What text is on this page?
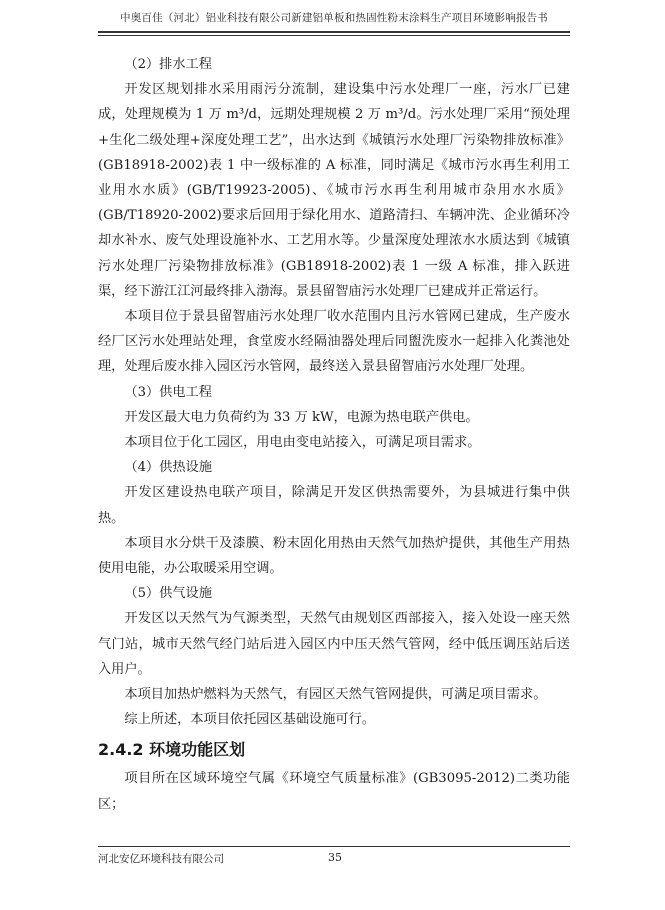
中奥百佳（河北）铝业科技有限公司新建铝单板和热固性粉末涂料生产项目环境影响报告书

（2）排水工程

开发区规划排水采用雨污分流制，建设集中污水处理厂一座，污水厂已建成，处理规模为 1 万 m³/d，远期处理规模 2 万 m³/d。污水处理厂采用“预处理+生化二级处理+深度处理工艺”，出水达到《城镇污水处理厂污染物排放标准》(GB18918-2002)表 1 中一级标准的 A 标准，同时满足《城市污水再生利用工业用水水质》(GB/T19923-2005)、《城市污水再生利用城市杂用水水质》(GB/T18920-2002)要求后回用于绿化用水、道路清扫、车辆冲洗、企业循环冷却水补水、废气处理设施补水、工艺用水等。少量深度处理浓水水质达到《城镇污水处理厂污染物排放标准》(GB18918-2002)表 1 一级 A 标准，排入跃进渠，经下游江江河最终排入渤海。景县留智庙污水处理厂已建成并正常运行。

本项目位于景县留智庙污水处理厂收水范围内且污水管网已建成，生产废水经厂区污水处理站处理，食堂废水经隔油器处理后同盥洗废水一起排入化粪池处理，处理后废水排入园区污水管网，最终送入景县留智庙污水处理厂处理。

（3）供电工程

开发区最大电力负荷约为 33 万 kW，电源为热电联产供电。

本项目位于化工园区，用电由变电站接入，可满足项目需求。

（4）供热设施

开发区建设热电联产项目，除满足开发区供热需要外，为县城进行集中供热。

本项目水分烘干及漆膜、粉末固化用热由天然气加热炉提供，其他生产用热使用电能，办公取暖采用空调。

（5）供气设施

开发区以天然气为气源类型，天然气由规划区西部接入，接入处设一座天然气门站，城市天然气经门站后进入园区内中压天然气管网，经中低压调压站后送入用户。

本项目加热炉燃料为天然气，有园区天然气管网提供，可满足项目需求。

综上所述，本项目依托园区基础设施可行。

2.4.2 环境功能区划

项目所在区域环境空气属《环境空气质量标准》(GB3095-2012)二类功能区；

河北安亿环境科技有限公司	35
